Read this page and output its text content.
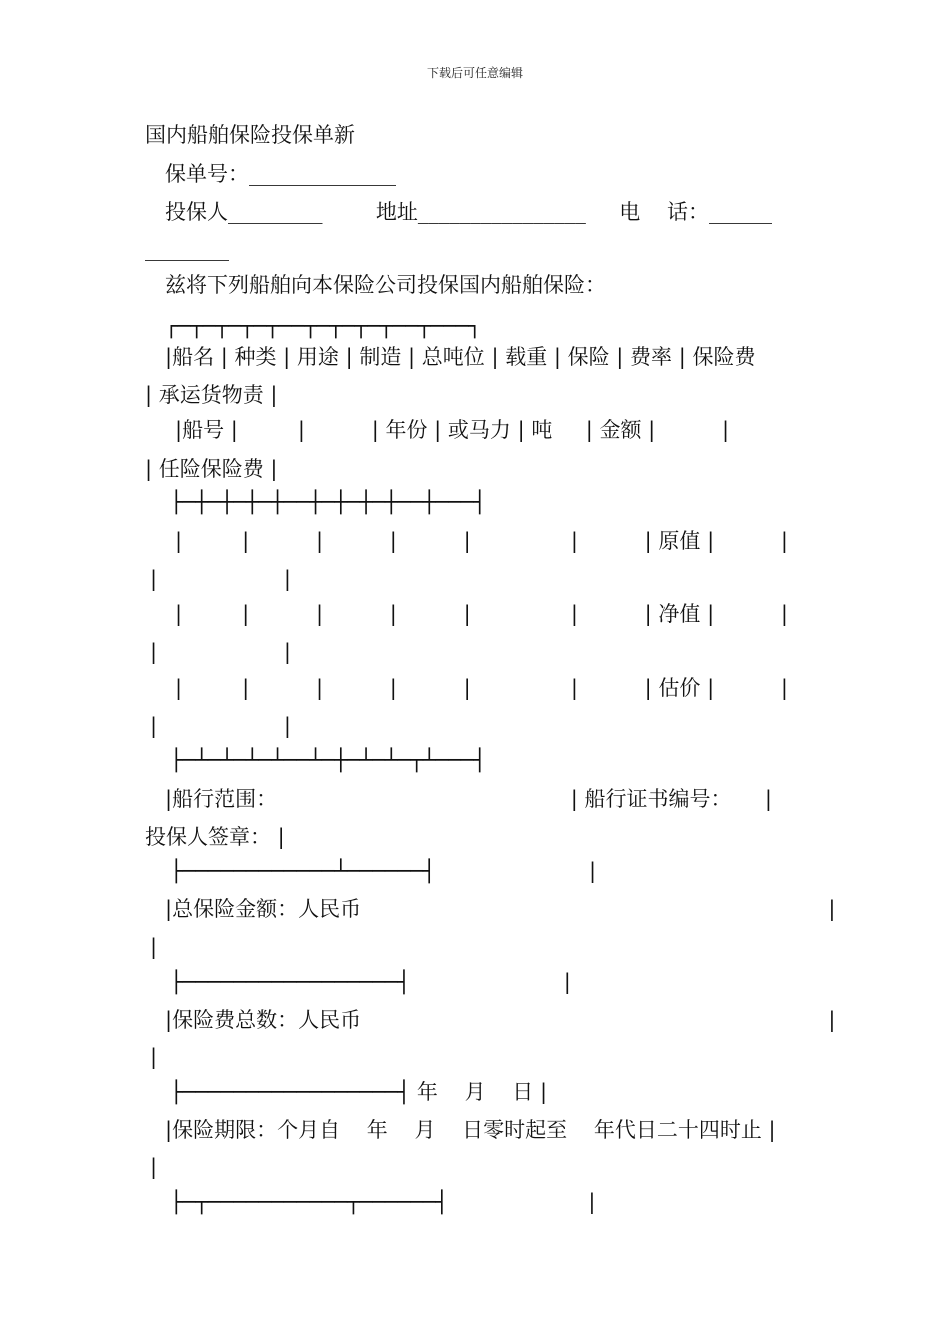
下载后可任意编辑
国内船舶保险投保单新
保单号：______________
投保人_________        地址________________     电    话：______
________
兹将下列船舶向本保险公司投保国内船舶保险：
┌─┬─┬─┬─┬──┬─┬─┬─┬──┬───┐
|船名 | 种类 | 用途 | 制造 | 总吨位 | 载重 | 保险 | 费率 | 保险费
| 承运货物责 |
|船号 |         |          | 年份 | 或马力 | 吨     | 金额 |          |
| 任险保险费 |
├─┼─┼─┼─┼──┼─┼─┼─┼──┼───┤
|         |          |          |          |               |          | 原值 |          |
|                   |
|         |          |          |          |               |          | 净值 |          |
|                   |
|         |          |          |          |               |          | 估价 |          |
|                   |
├─┴─┴─┴─┴──┴─┼─┴─┴─┬┴───┤
|船行范围：                                            | 船行证书编号：     |
投保人签章： |
├────────────┴──────┤                       |
|总保险金额：人民币                                                                      |
|
├─────────────────┤                       |
|保险费总数：人民币                                                                      |
|
├─────────────────┤ 年    月    日 |
|保险期限：个月自    年    月    日零时起至    年代日二十四时止 |
|
├─┬───────────┬──────┤                     |
